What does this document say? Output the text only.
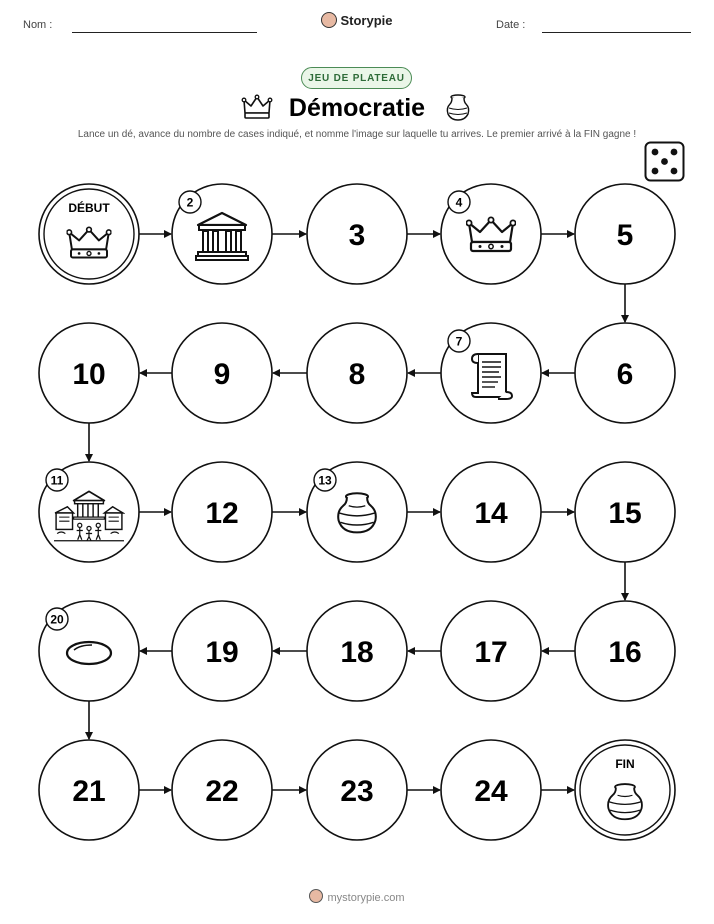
Nom :	Storypie	Date :
JEU DE PLATEAU
Démocratie
Lance un dé, avance du nombre de cases indiqué, et nomme l'image sur laquelle tu arrives. Le premier arrivé à la FIN gagne !
DÉBUT	2
3
4
5
6
7
8
9
10
11
12
13
14	15
16
17
18
19
20
21	22	23	24
FIN
mystorypie.com
